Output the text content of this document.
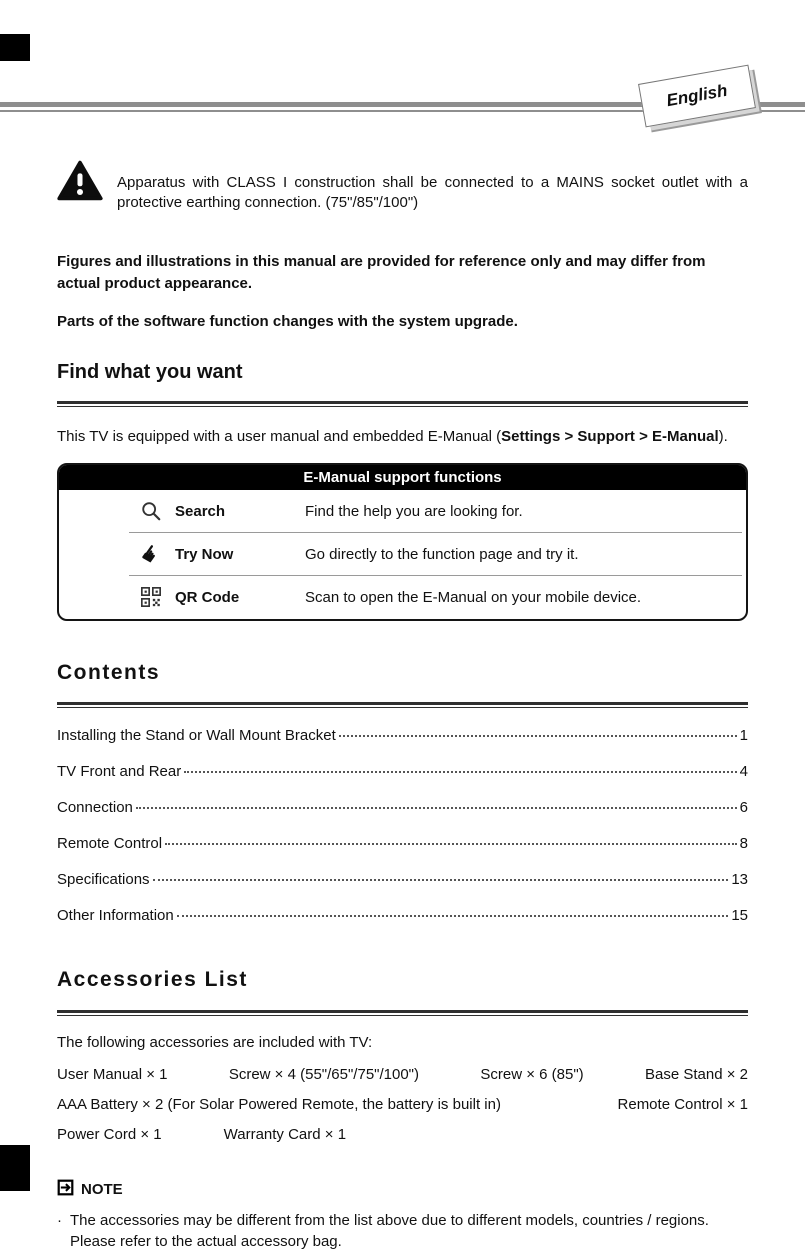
English

Apparatus with CLASS I construction shall be connected to a MAINS socket outlet with a protective earthing connection. (75"/85"/100")

Figures and illustrations in this manual are provided for reference only and may differ from actual product appearance.

Parts of the software function changes with the system upgrade.

Find what you want

This TV is equipped with a user manual and embedded E-Manual (Settings > Support > E-Manual).

E-Manual support functions
Search	Find the help you are looking for.
☛ Try Now	Go directly to the function page and try it.
QR Code	Scan to open the E-Manual on your mobile device.
Contents
Installing the Stand or Wall Mount Bracket	1
TV Front and Rear	4
Connection	6
Remote Control	8
Specifications	13
Other Information	15
Accessories List

The following accessories are included with TV:

User Manual × 1	Screw × 4 (55"/65"/75"/100")	Screw × 6 (85")	Base Stand × 2
AAA Battery × 2 (For Solar Powered Remote, the battery is built in)	Remote Control × 1
Power Cord × 1	Warranty Card × 1
NOTE
· The accessories may be different from the list above due to different models, countries / regions. Please refer to the actual accessory bag.
